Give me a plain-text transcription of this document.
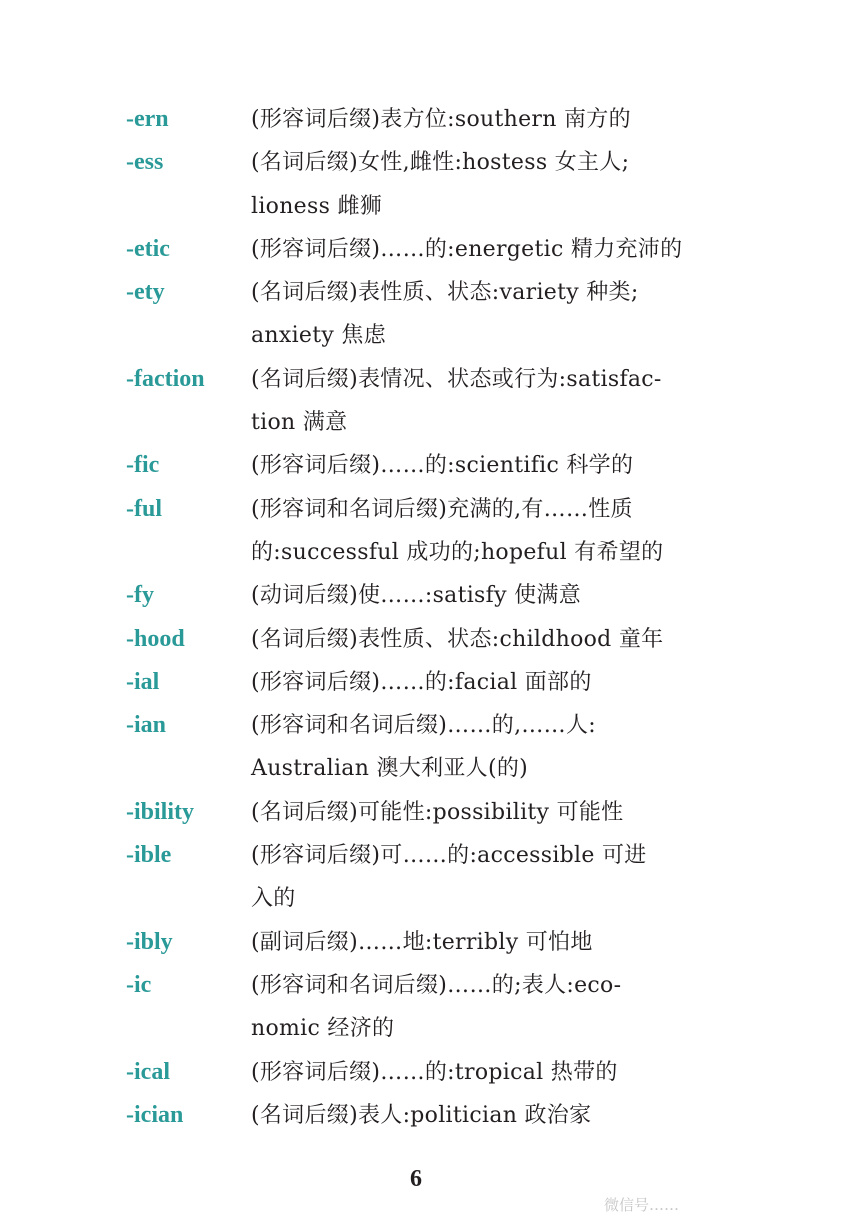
-ern	(形容词后缀)表方位:southern 南方的
-ess	(名词后缀)女性,雌性:hostess 女主人;
lioness 雌狮
-etic	(形容词后缀)……的:energetic 精力充沛的
-ety	(名词后缀)表性质、状态:variety 种类;
anxiety 焦虑
-faction	(名词后缀)表情况、状态或行为:satisfac-
tion 满意
-fic	(形容词后缀)……的:scientific 科学的
-ful	(形容词和名词后缀)充满的,有……性质
的:successful 成功的;hopeful 有希望的
-fy	(动词后缀)使……:satisfy 使满意
-hood	(名词后缀)表性质、状态:childhood 童年
-ial	(形容词后缀)……的:facial 面部的
-ian	(形容词和名词后缀)……的,……人:
Australian 澳大利亚人(的)
-ibility	(名词后缀)可能性:possibility 可能性
-ible	(形容词后缀)可……的:accessible 可进
入的
-ibly	(副词后缀)……地:terribly 可怕地
-ic	(形容词和名词后缀)……的;表人:eco-
nomic 经济的
-ical	(形容词后缀)……的:tropical 热带的
-ician	(名词后缀)表人:politician 政治家
6
微信号……
